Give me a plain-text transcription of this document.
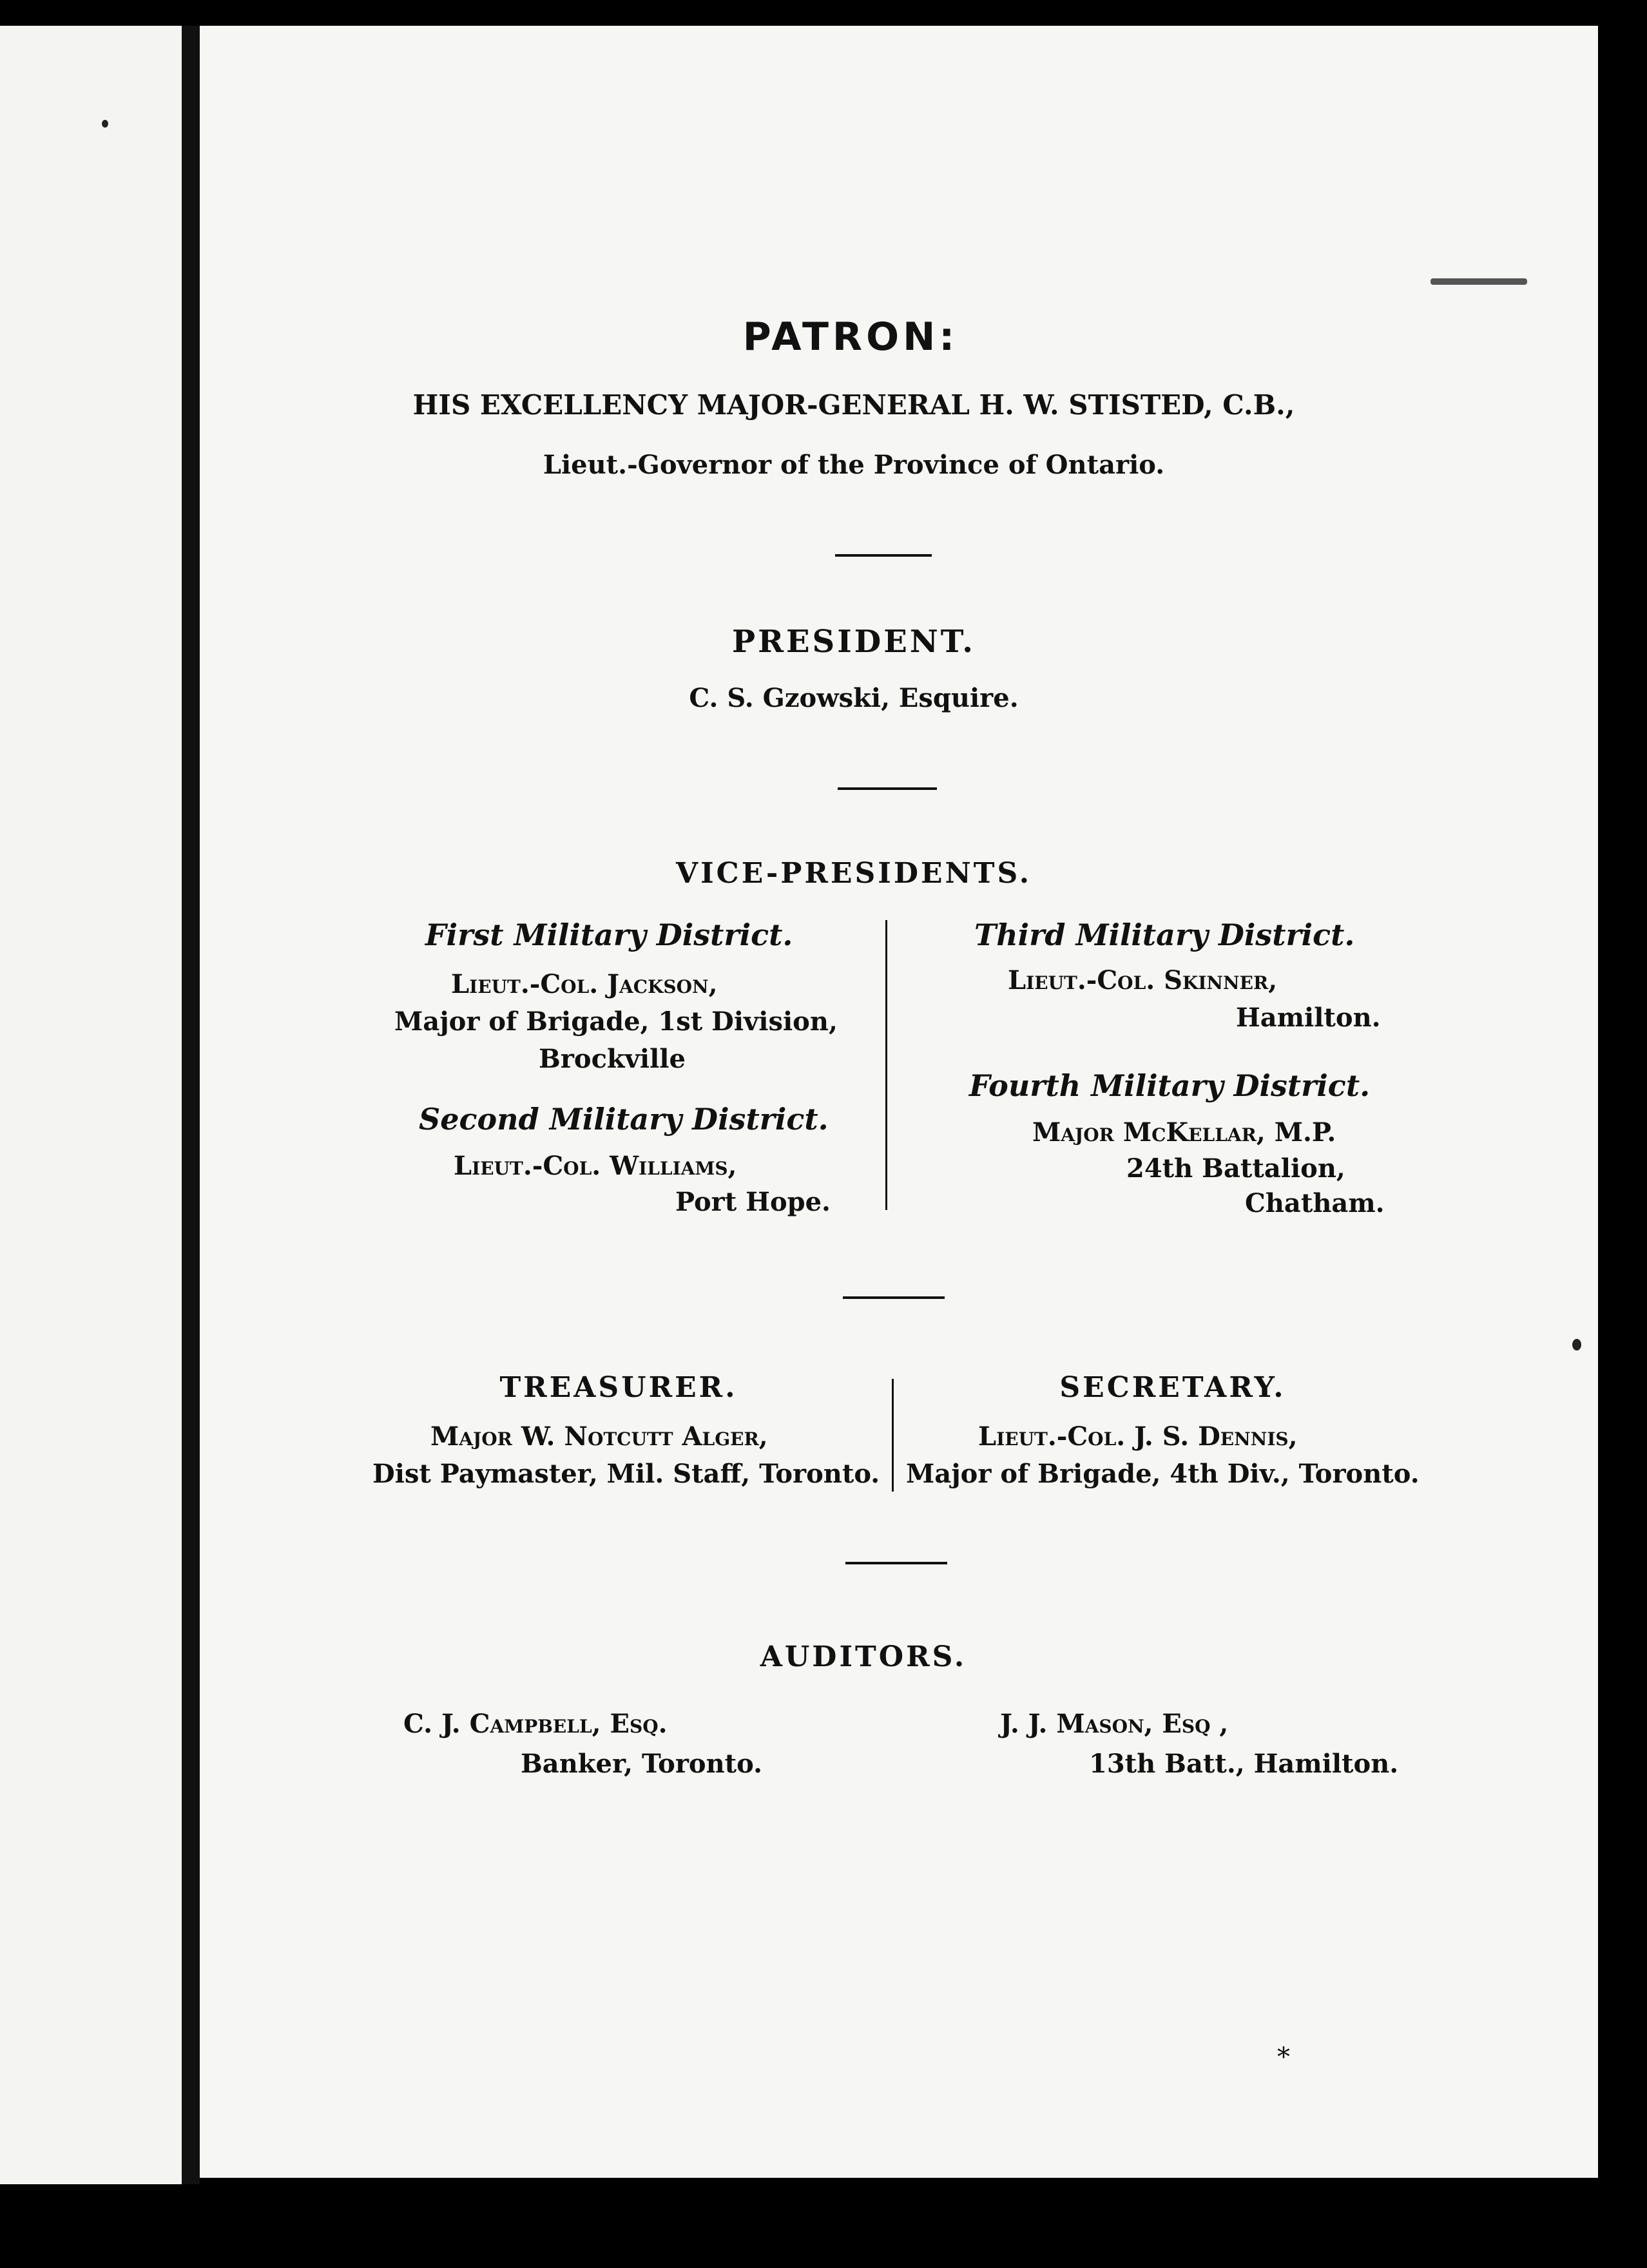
PATRON:
HIS EXCELLENCY MAJOR-GENERAL H. W. STISTED, C.B.,
Lieut.-Governor of the Province of Ontario.
PRESIDENT.
C. S. Gzowski, Esquire.
VICE-PRESIDENTS.
First Military District.
Lieut.-Col. Jackson,
Major of Brigade, 1st Division,
Brockville
Second Military District.
Lieut.-Col. Williams,
Port Hope.
Third Military District.
Lieut.-Col. Skinner,
Hamilton.
Fourth Military District.
Major McKellar, M.P.
24th Battalion,
Chatham.
TREASURER.
Major W. Notcutt Alger,
Dist Paymaster, Mil. Staff, Toronto.
SECRETARY.
Lieut.-Col. J. S. Dennis,
Major of Brigade, 4th Div., Toronto.
AUDITORS.
C. J. Campbell, Esq.
Banker, Toronto.
J. J. Mason, Esq ,
13th Batt., Hamilton.
*
